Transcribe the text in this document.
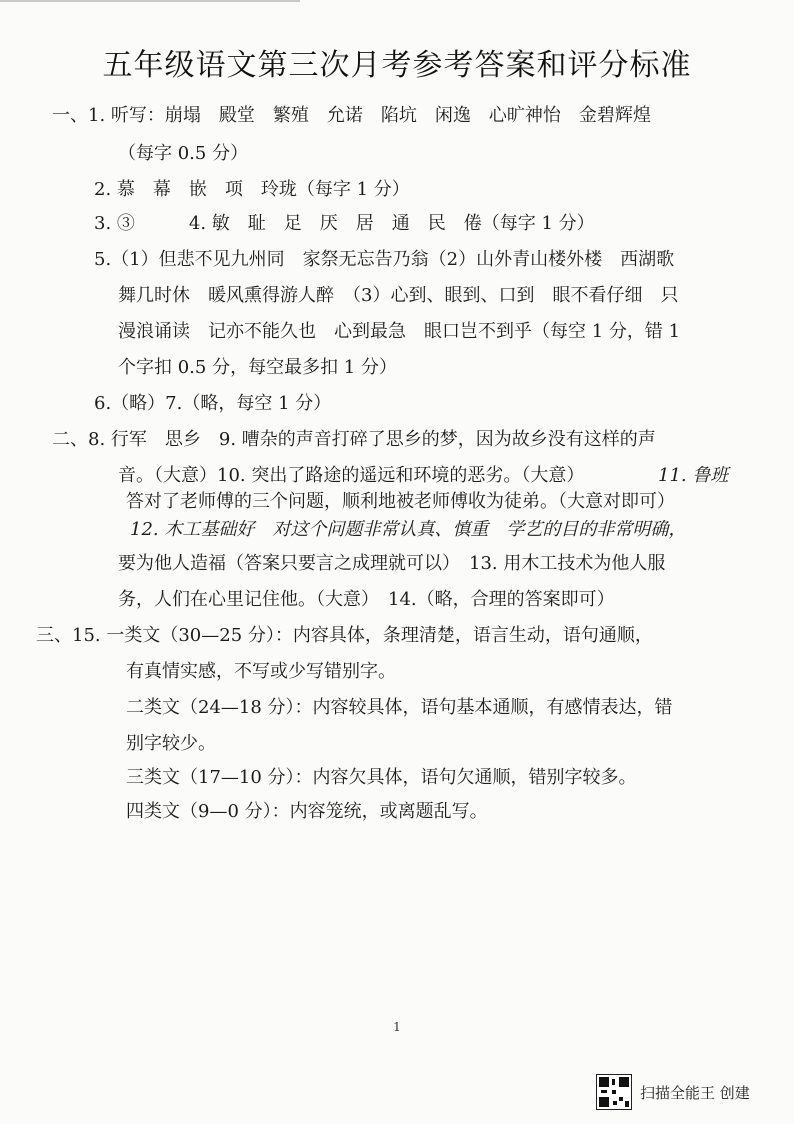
五年级语文第三次月考参考答案和评分标准
一、1. 听写：崩塌　殿堂　繁殖　允诺　陷坑　闲逸　心旷神怡　金碧辉煌
（每字 0.5 分）
2. 慕　幕　嵌　项　玲珑（每字 1 分）
3. ③　　　4. 敏　耻　足　厌　居　通　民　倦（每字 1 分）
5.（1）但悲不见九州同　家祭无忘告乃翁（2）山外青山楼外楼　西湖歌
舞几时休　暖风熏得游人醉　（3）心到、眼到、口到　眼不看仔细　只
漫浪诵读　记亦不能久也　心到最急　眼口岂不到乎（每空 1 分，错 1
个字扣 0.5 分，每空最多扣 1 分）
6.（略）7.（略，每空 1 分）
二、8. 行军　思乡　9. 嘈杂的声音打碎了思乡的梦，因为故乡没有这样的声
音。（大意）10. 突出了路途的遥远和环境的恶劣。（大意）	11. 鲁班
答对了老师傅的三个问题，顺利地被老师傅收为徒弟。（大意对即可）
12. 木工基础好　对这个问题非常认真、慎重　学艺的目的非常明确，
要为他人造福（答案只要言之成理就可以）　13. 用木工技术为他人服
务，人们在心里记住他。（大意）　14.（略，合理的答案即可）
三、15. 一类文（30—25 分）：内容具体，条理清楚，语言生动，语句通顺，
有真情实感，不写或少写错别字。
二类文（24—18 分）：内容较具体，语句基本通顺，有感情表达，错
别字较少。
三类文（17—10 分）：内容欠具体，语句欠通顺，错别字较多。
四类文（9—0 分）：内容笼统，或离题乱写。
1
扫描全能王 创建
